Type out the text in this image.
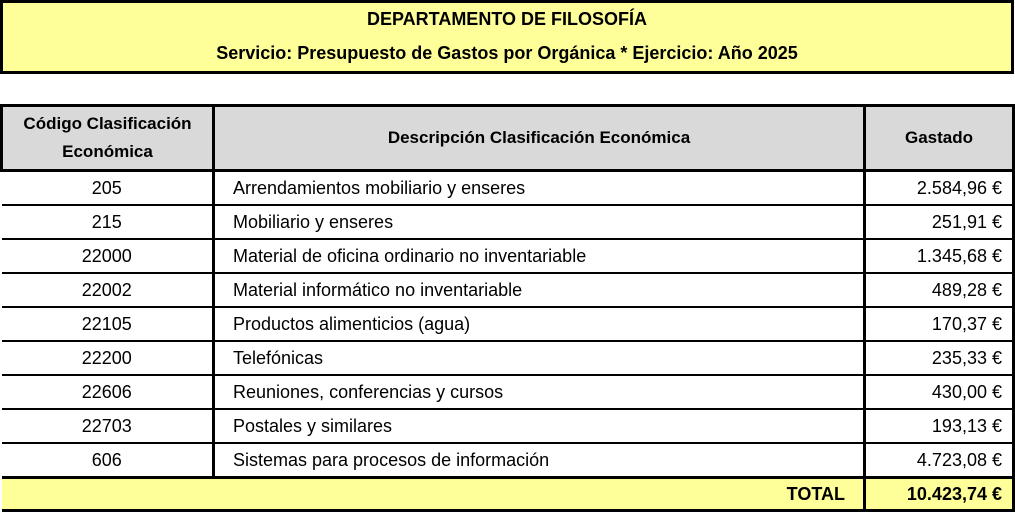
DEPARTAMENTO DE FILOSOFÍA
Servicio: Presupuesto de Gastos por Orgánica * Ejercicio: Año 2025
Código Clasificación Económica	Descripción Clasificación Económica	Gastado
205	Arrendamientos mobiliario y enseres	2.584,96 €
215	Mobiliario y enseres	251,91 €
22000	Material de oficina ordinario no inventariable	1.345,68 €
22002	Material informático no inventariable	489,28 €
22105	Productos alimenticios (agua)	170,37 €
22200	Telefónicas	235,33 €
22606	Reuniones, conferencias y cursos	430,00 €
22703	Postales y similares	193,13 €
606	Sistemas para procesos de información	4.723,08 €
TOTAL		10.423,74 €
